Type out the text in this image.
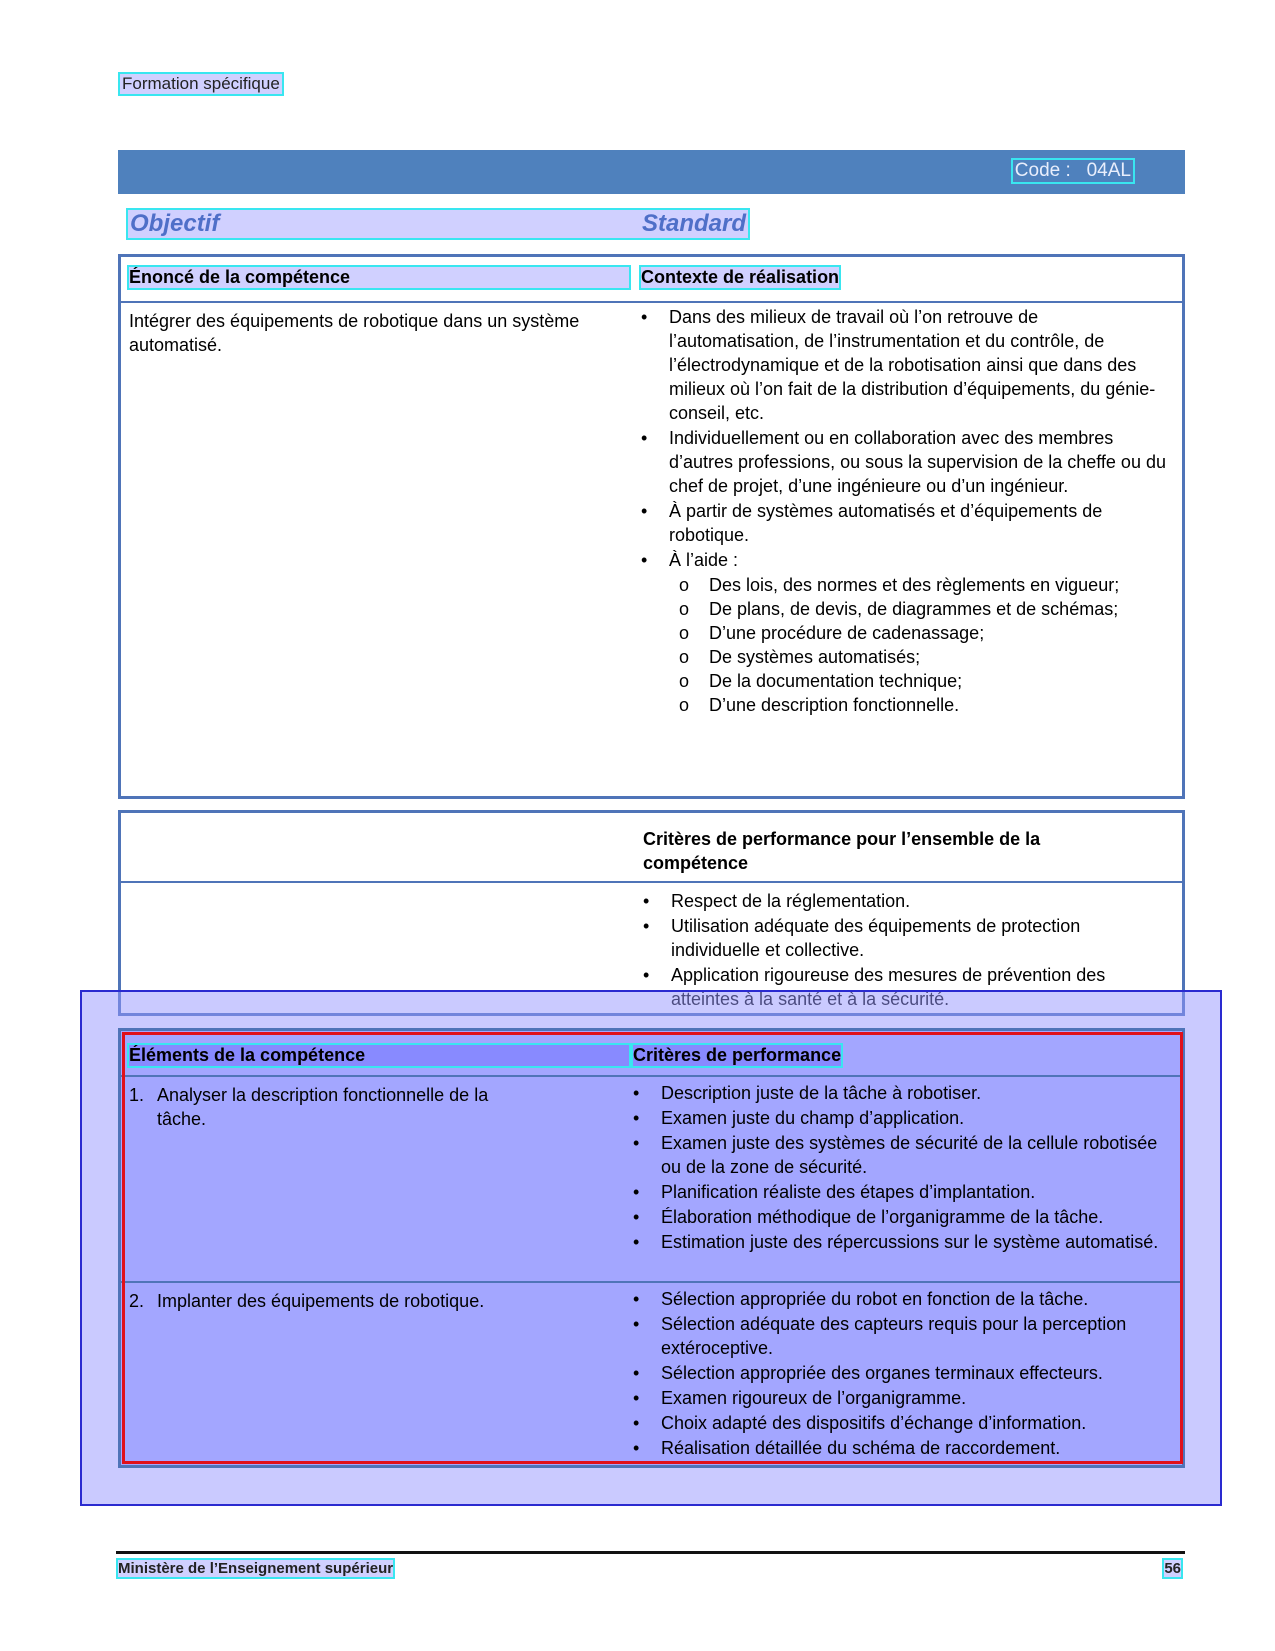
Formation spécifique
Code :   04AL
Objectif	Standard
Énoncé de la compétence	Contexte de réalisation
Intégrer des équipements de robotique dans un système automatisé.
• Dans des milieux de travail où l’on retrouve de l’automatisation, de l’instrumentation et du contrôle, de l’électrodynamique et de la robotisation ainsi que dans des milieux où l’on fait de la distribution d’équipements, du génie-conseil, etc.
• Individuellement ou en collaboration avec des membres d’autres professions, ou sous la supervision de la cheffe ou du chef de projet, d’une ingénieure ou d’un ingénieur.
• À partir de systèmes automatisés et d’équipements de robotique.
• À l’aide :
o Des lois, des normes et des règlements en vigueur;
o De plans, de devis, de diagrammes et de schémas;
o D’une procédure de cadenassage;
o De systèmes automatisés;
o De la documentation technique;
o D’une description fonctionnelle.
Critères de performance pour l’ensemble de la compétence
• Respect de la réglementation.
• Utilisation adéquate des équipements de protection individuelle et collective.
• Application rigoureuse des mesures de prévention des
Éléments de la compétence	Critères de performance
1. Analyser la description fonctionnelle de la tâche.
• Description juste de la tâche à robotiser.
• Examen juste du champ d’application.
• Examen juste des systèmes de sécurité de la cellule robotisée ou de la zone de sécurité.
• Planification réaliste des étapes d’implantation.
• Élaboration méthodique de l’organigramme de la tâche.
• Estimation juste des répercussions sur le système automatisé.
2. Implanter des équipements de robotique.
•	Sélection appropriée du robot en fonction de la tâche.
• Sélection adéquate des capteurs requis pour la perception extéroceptive.
• Sélection appropriée des organes terminaux effecteurs.
• Examen rigoureux de l’organigramme.
• Choix adapté des dispositifs d’échange d’information.
• Réalisation détaillée du schéma de raccordement.
Ministère de l’Enseignement supérieur	56
